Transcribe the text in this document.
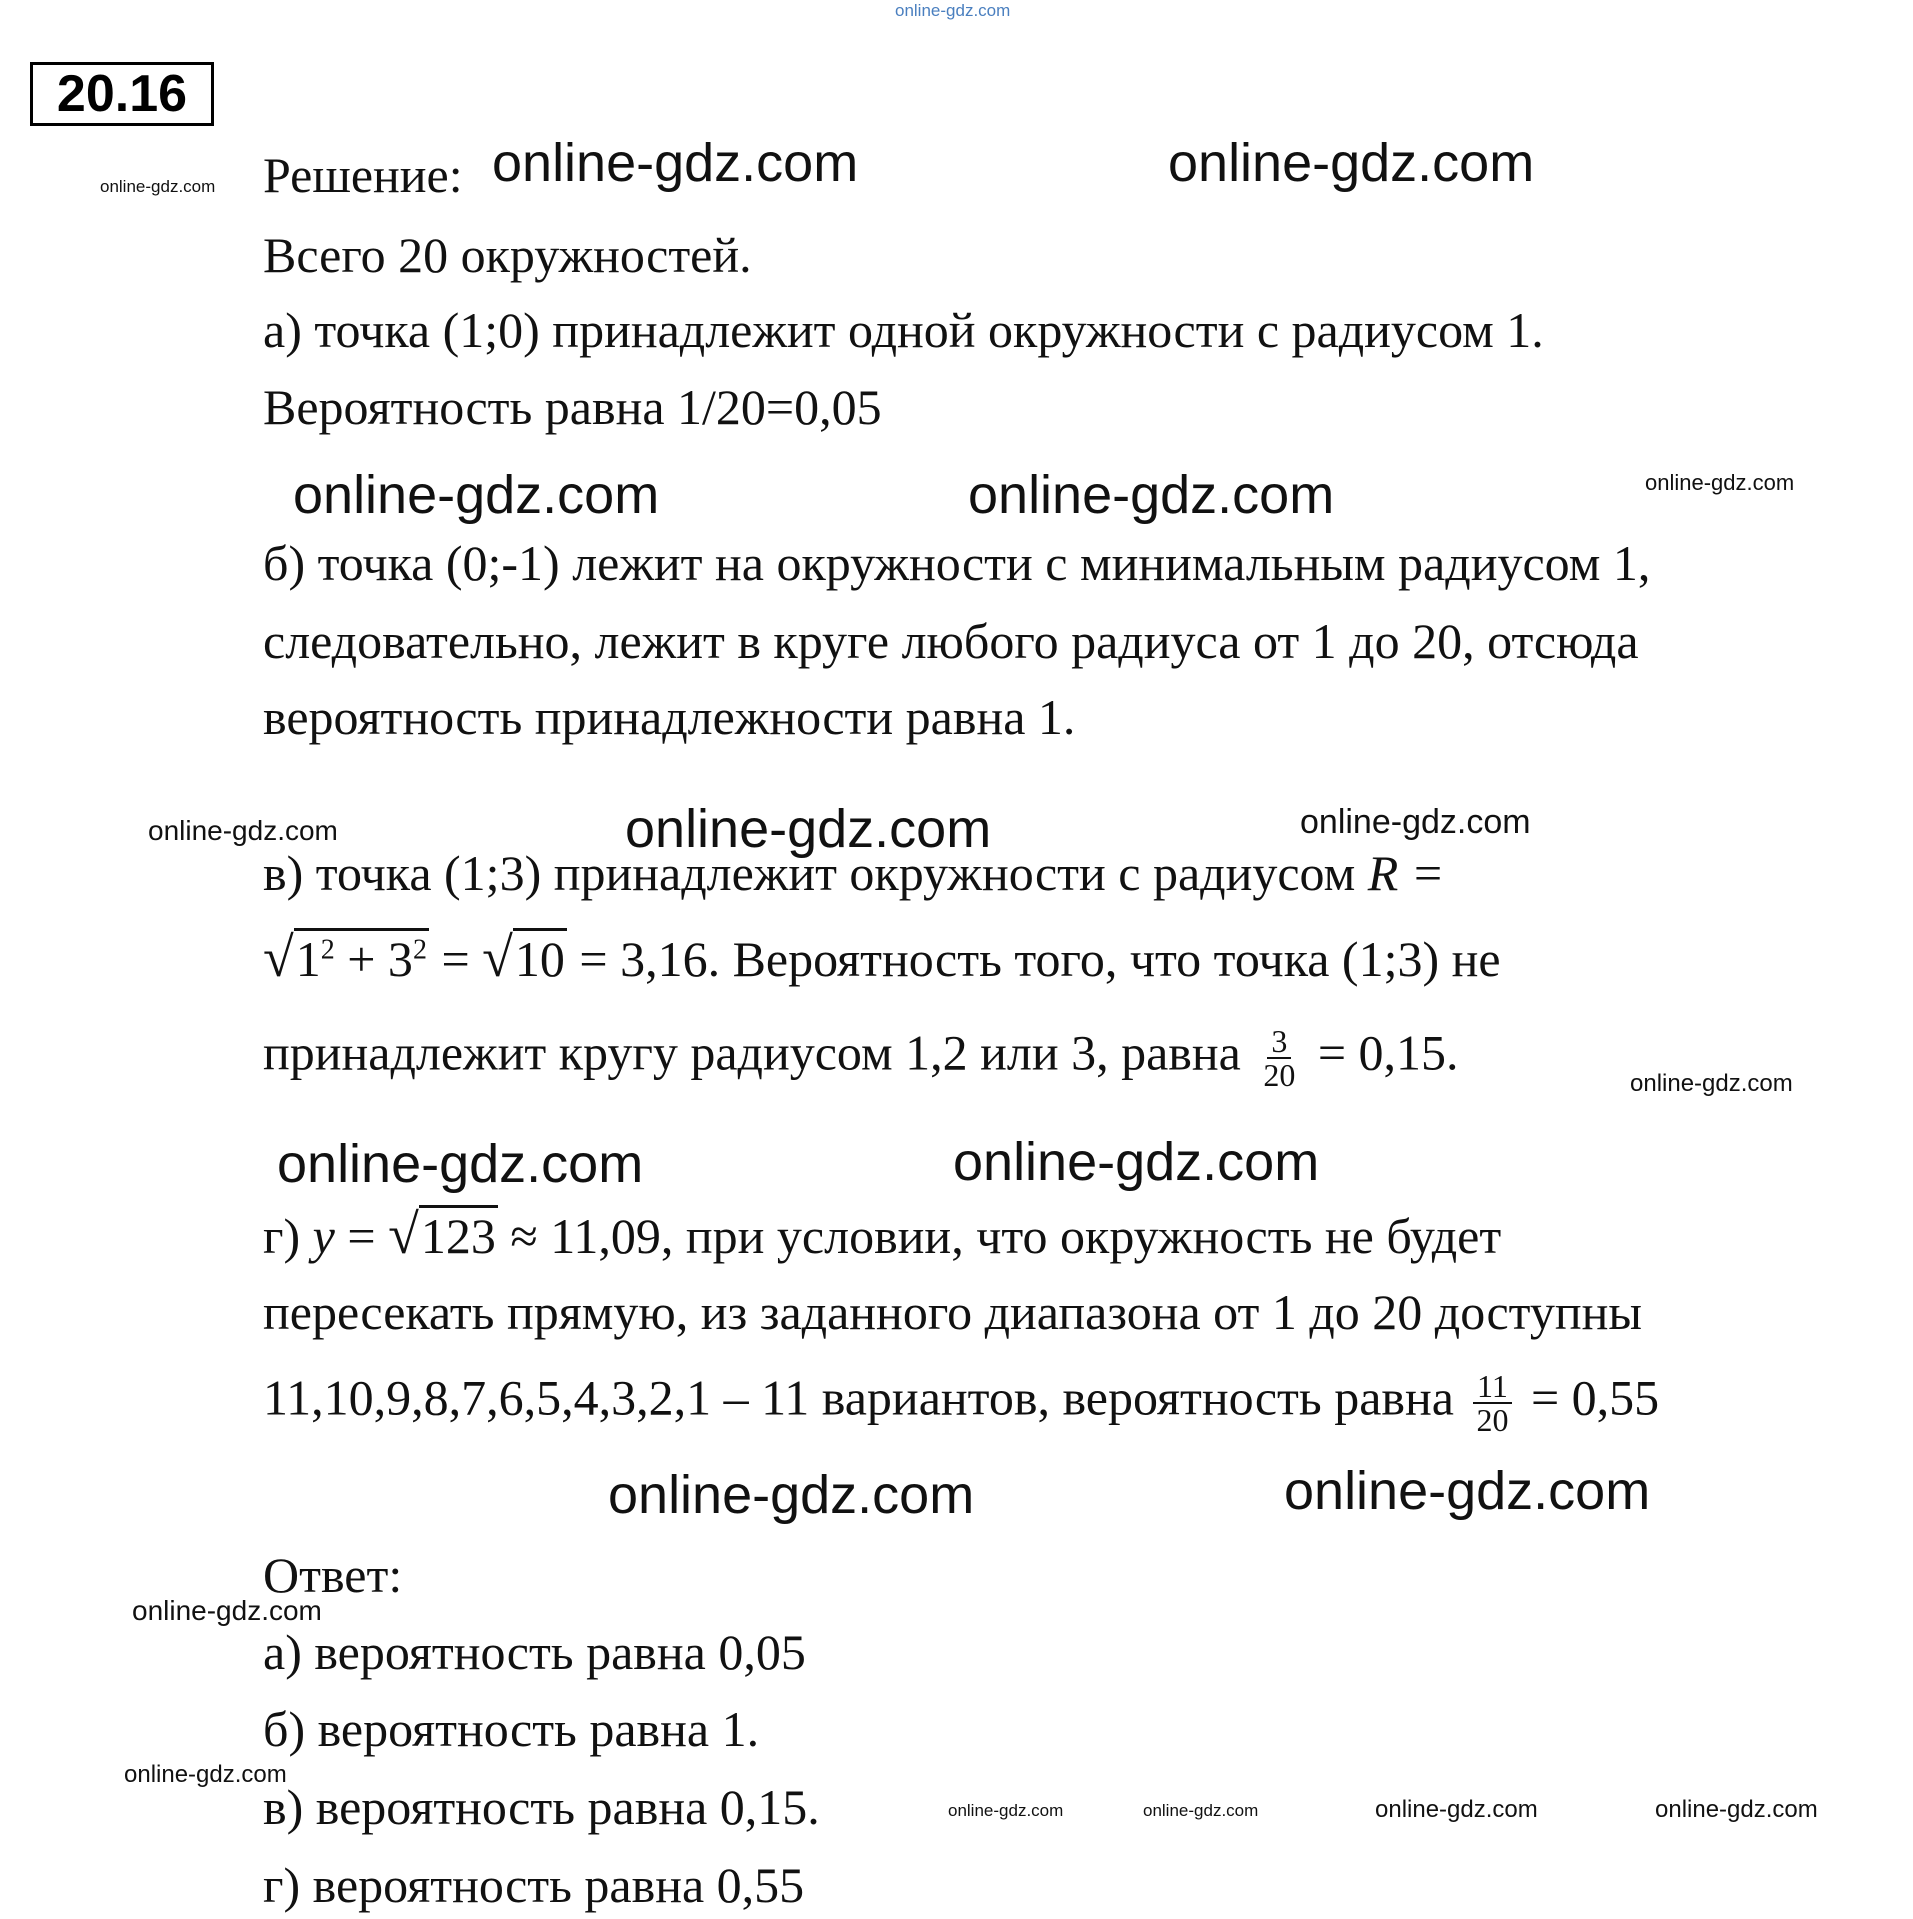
online-gdz.com
20.16
Решение:
online-gdz.com	online-gdz.com	online-gdz.com
Всего 20 окружностей.
а) точка (1;0) принадлежит одной окружности с радиусом 1.
Вероятность равна 1/20=0,05
online-gdz.com	online-gdz.com	online-gdz.com
б) точка (0;-1) лежит на окружности с минимальным радиусом 1,
следовательно, лежит в круге любого радиуса от 1 до 20, отсюда
вероятность принадлежности равна 1.
online-gdz.com	online-gdz.com	online-gdz.com
в) точка (1;3) принадлежит окружности с радиусом R =
$√1^2 + 3^2 = √10 = 3,16$. Вероятность того, что точка (1;3) не
принадлежит кругу радиусом 1,2 или 3, равна $\frac{3}{20} = 0,15$.
online-gdz.com
online-gdz.com	online-gdz.com
г) y = √123 ≈ 11,09, при условии, что окружность не будет
пересекать прямую, из заданного диапазона от 1 до 20 доступны
11,10,9,8,7,6,5,4,3,2,1 – 11 вариантов, вероятность равна $\frac{11}{20} = 0,55$
online-gdz.com	online-gdz.com
Ответ:
online-gdz.com
а) вероятность равна 0,05
б) вероятность равна 1.
online-gdz.com
в) вероятность равна 0,15.	online-gdz.com	online-gdz.com	online-gdz.com	online-gdz.com
г) вероятность равна 0,55
